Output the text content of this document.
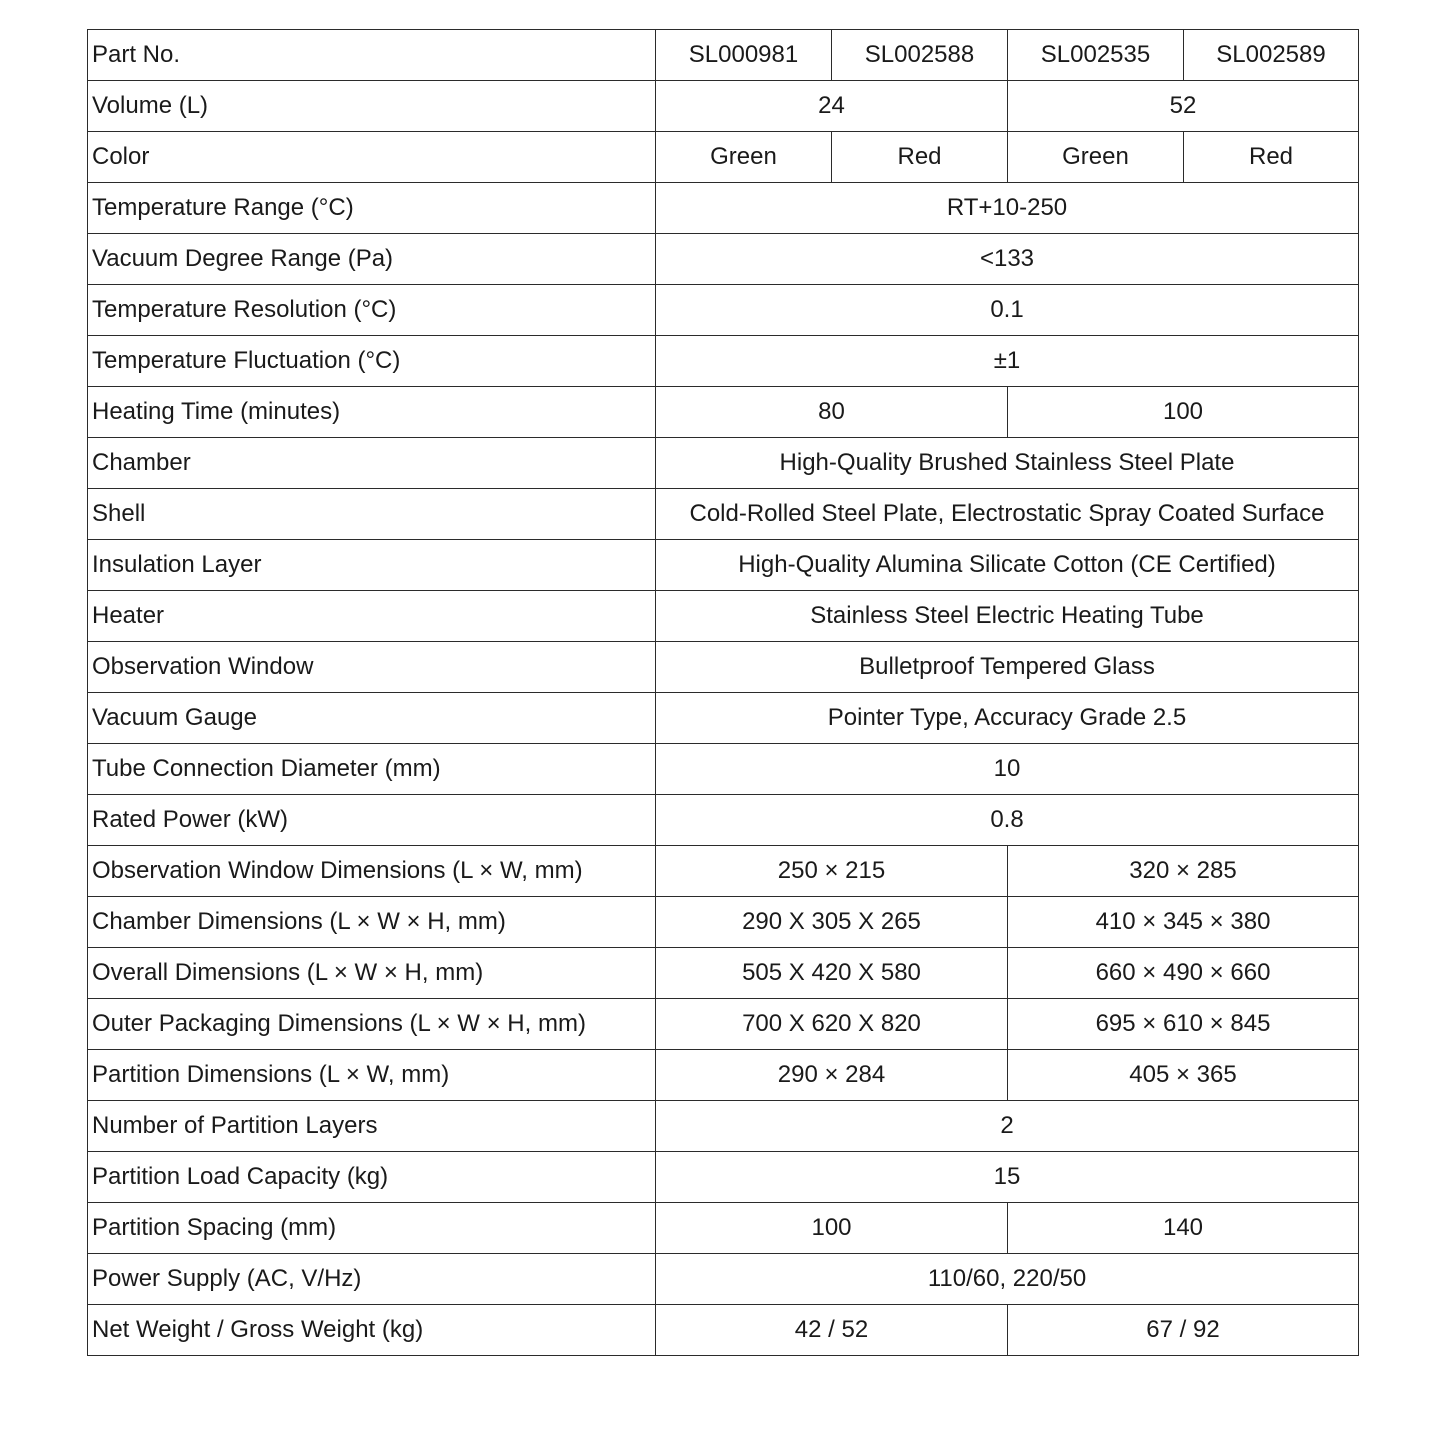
Part No.	SL000981	SL002588	SL002535	SL002589
Volume (L)	24		52	
Color	Green	Red	Green	Red
Temperature Range (°C)	RT+10-250			
Vacuum Degree Range (Pa)	<133			
Temperature Resolution (°C)	0.1			
Temperature Fluctuation (°C)	±1			
Heating Time (minutes)	80		100	
Chamber	High-Quality Brushed Stainless Steel Plate			
Shell	Cold-Rolled Steel Plate, Electrostatic Spray Coated Surface			
Insulation Layer	High-Quality Alumina Silicate Cotton (CE Certified)			
Heater	Stainless Steel Electric Heating Tube			
Observation Window	Bulletproof Tempered Glass			
Vacuum Gauge	Pointer Type, Accuracy Grade 2.5			
Tube Connection Diameter (mm)	10			
Rated Power (kW)	0.8			
Observation Window Dimensions (L × W, mm)	250 × 215		320 × 285	
Chamber Dimensions (L × W × H, mm)	290 X 305 X 265		410 × 345 × 380	
Overall Dimensions (L × W × H, mm)	505 X 420 X 580		660 × 490 × 660	
Outer Packaging Dimensions (L × W × H, mm)	700 X 620 X 820		695 × 610 × 845	
Partition Dimensions (L × W, mm)	290 × 284		405 × 365	
Number of Partition Layers	2			
Partition Load Capacity (kg)	15			
Partition Spacing (mm)	100		140	
Power Supply (AC, V/Hz)	110/60, 220/50			
Net Weight / Gross Weight (kg)	42 / 52		67 / 92	
